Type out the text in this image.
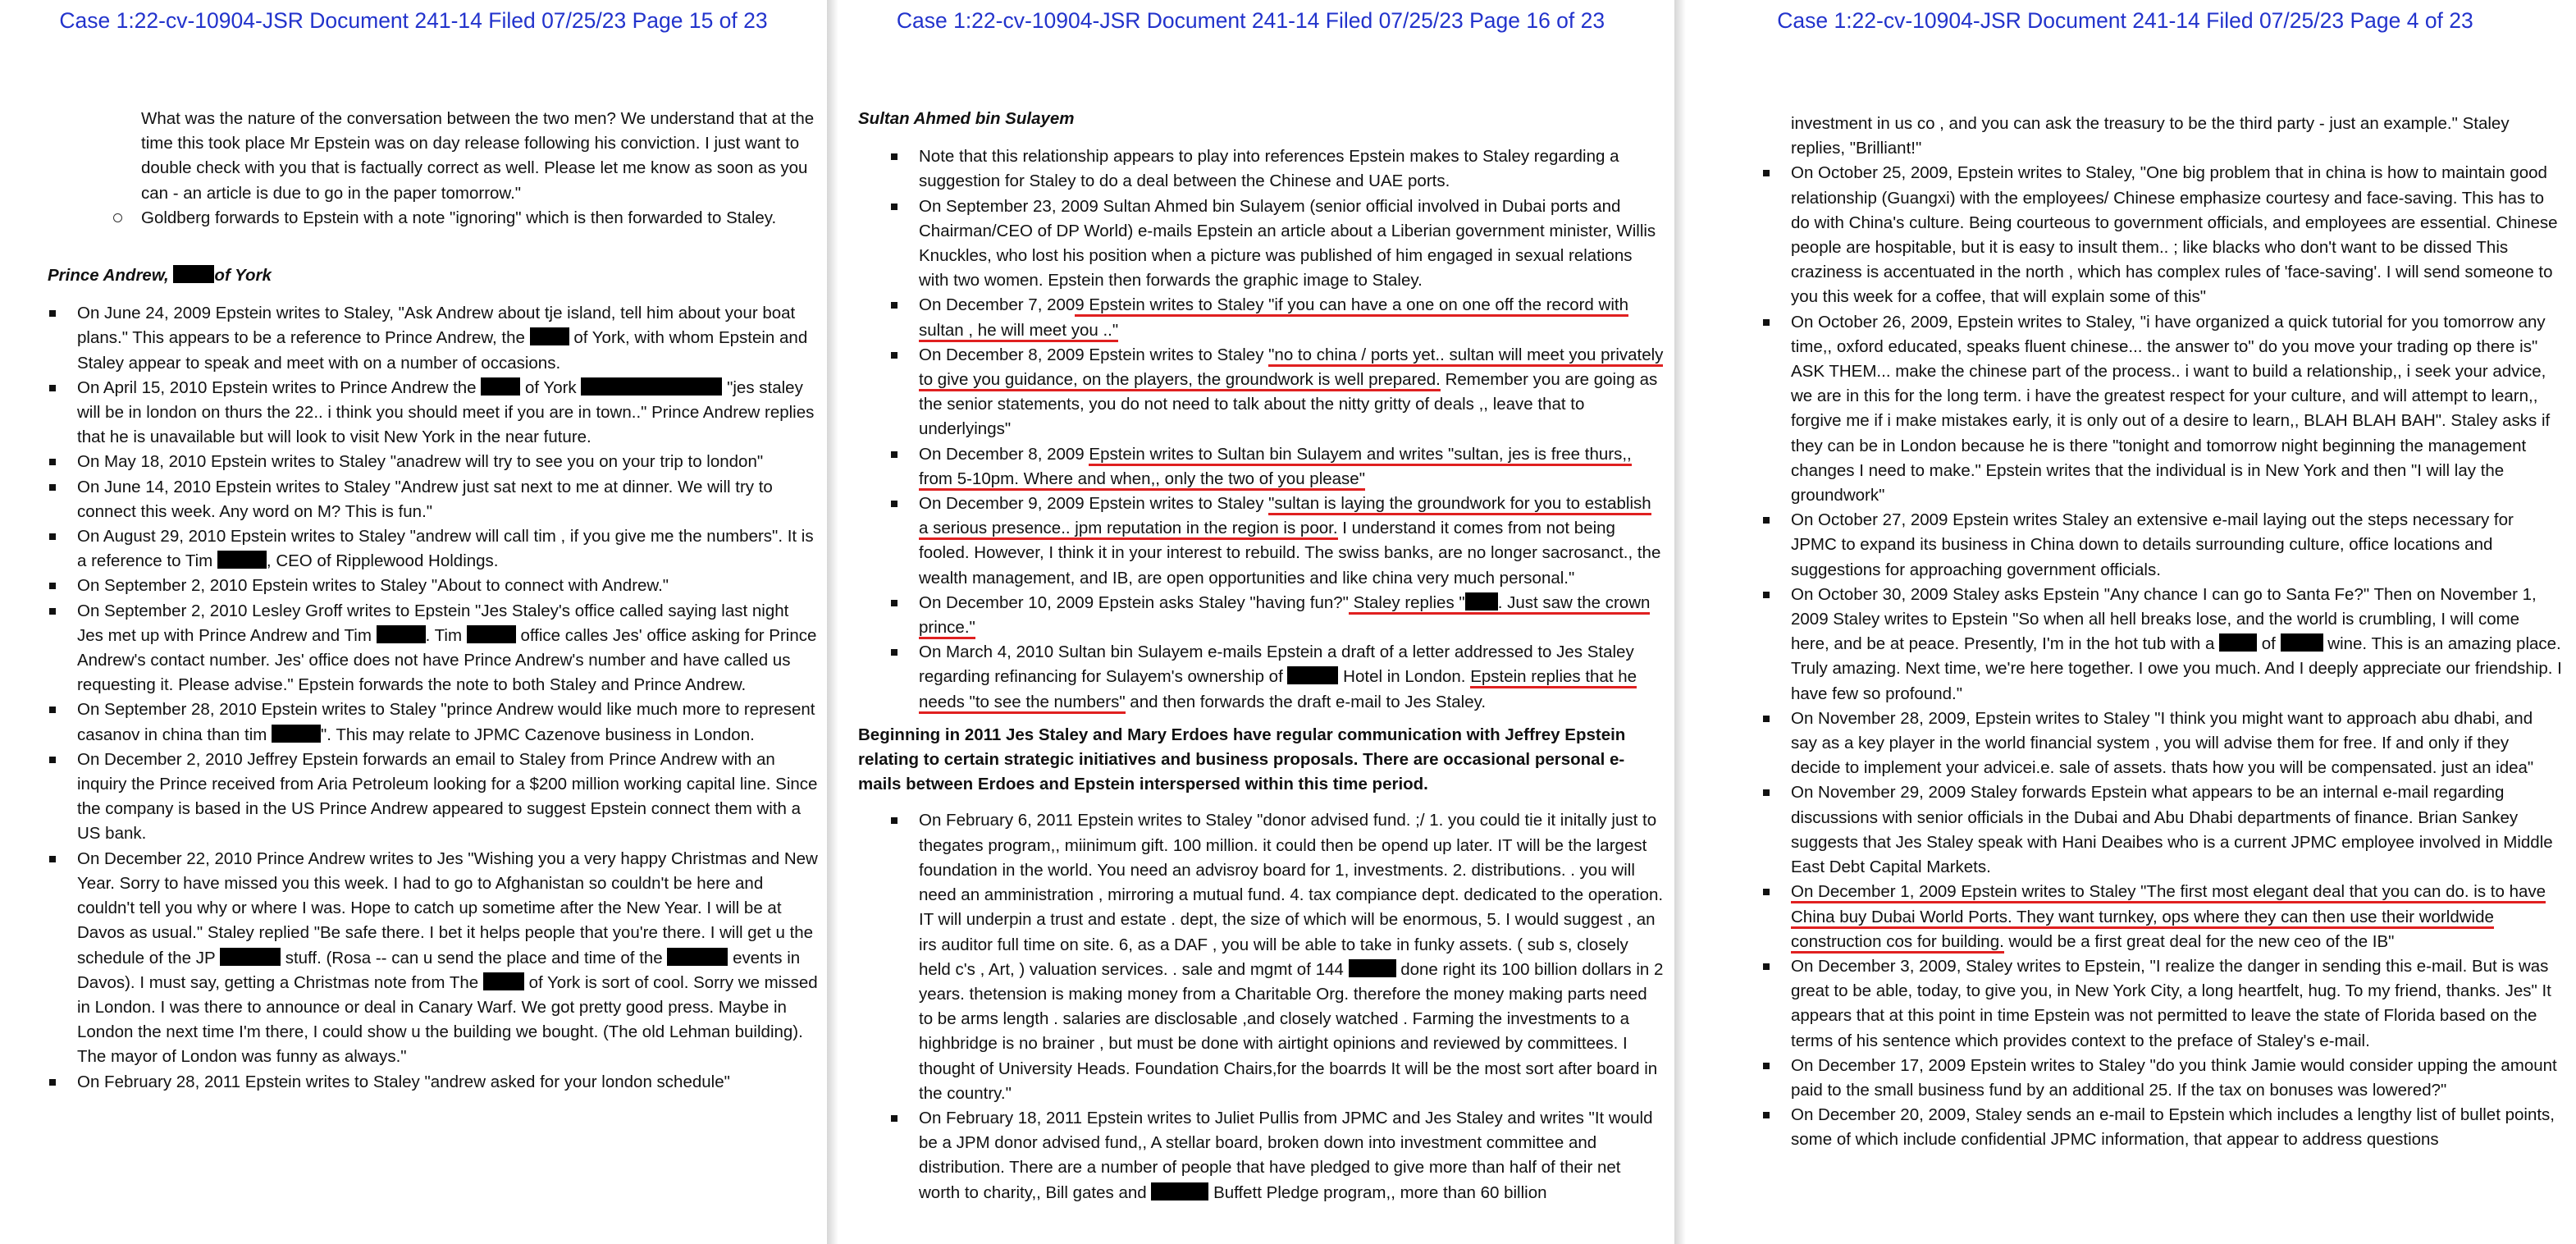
Case 1:22-cv-10904-JSR Document 241-14 Filed 07/25/23 Page 15 of 23
What was the nature of the conversation between the two men? We understand that at the time this took place Mr Epstein was on day release following his conviction. I just want to double check with you that is factually correct as well. Please let me know as soon as you can - an article is due to go in the paper tomorrow."
Goldberg forwards to Epstein with a note "ignoring" which is then forwarded to Staley.
Prince Andrew,	of York
On June 24, 2009 Epstein writes to Staley, "Ask Andrew about tje island, tell him about your boat plans." This appears to be a reference to Prince Andrew, the	of York, with whom Epstein and Staley appear to speak and meet with on a number of occasions.
On April 15, 2010 Epstein writes to Prince Andrew the	of York	"jes staley will be in london on thurs the 22.. i think you should meet if you are in town.." Prince Andrew replies that he is unavailable but will look to visit New York in the near future.
On May 18, 2010 Epstein writes to Staley "anadrew will try to see you on your trip to london"
On June 14, 2010 Epstein writes to Staley "Andrew just sat next to me at dinner. We will try to connect this week. Any word on M? This is fun."
On August 29, 2010 Epstein writes to Staley "andrew will call tim , if you give me the numbers". It is a reference to Tim	, CEO of Ripplewood Holdings.
On September 2, 2010 Epstein writes to Staley "About to connect with Andrew."
On September 2, 2010 Lesley Groff writes to Epstein "Jes Staley's office called saying last night Jes met up with Prince Andrew and Tim	. Tim	office calles Jes' office asking for Prince Andrew's contact number. Jes' office does not have Prince Andrew's number and have called us requesting it. Please advise." Epstein forwards the note to both Staley and Prince Andrew.
On September 28, 2010 Epstein writes to Staley "prince Andrew would like much more to represent casanov in china than tim	". This may relate to JPMC Cazenove business in London.
On December 2, 2010 Jeffrey Epstein forwards an email to Staley from Prince Andrew with an inquiry the Prince received from Aria Petroleum looking for a $200 million working capital line. Since the company is based in the US Prince Andrew appeared to suggest Epstein connect them with a US bank.
On December 22, 2010 Prince Andrew writes to Jes "Wishing you a very happy Christmas and New Year. Sorry to have missed you this week. I had to go to Afghanistan so couldn't be here and couldn't tell you why or where I was. Hope to catch up sometime after the New Year. I will be at Davos as usual." Staley replied "Be safe there. I bet it helps people that you're there. I will get u the schedule of the JP	stuff. (Rosa -- can u send the place and time of the	events in Davos). I must say, getting a Christmas note from The	of York is sort of cool. Sorry we missed in London. I was there to announce or deal in Canary Warf. We got pretty good press. Maybe in London the next time I'm there, I could show u the building we bought. (The old Lehman building). The mayor of London was funny as always."
On February 28, 2011 Epstein writes to Staley "andrew asked for your london schedule"
Case 1:22-cv-10904-JSR Document 241-14 Filed 07/25/23 Page 16 of 23
Sultan Ahmed bin Sulayem
Note that this relationship appears to play into references Epstein makes to Staley regarding a suggestion for Staley to do a deal between the Chinese and UAE ports.
On September 23, 2009 Sultan Ahmed bin Sulayem (senior official involved in Dubai ports and Chairman/CEO of DP World) e-mails Epstein an article about a Liberian government minister, Willis Knuckles, who lost his position when a picture was published of him engaged in sexual relations with two women. Epstein then forwards the graphic image to Staley.
On December 7, 2009 Epstein writes to Staley "if you can have a one on one off the record with sultan , he will meet you .."
On December 8, 2009 Epstein writes to Staley "no to china / ports yet.. sultan will meet you privately to give you guidance, on the players, the groundwork is well prepared. Remember you are going as the senior statements, you do not need to talk about the nitty gritty of deals ,, leave that to underlyings"
On December 8, 2009 Epstein writes to Sultan bin Sulayem and writes "sultan, jes is free thurs,, from 5-10pm. Where and when,, only the two of you please"
On December 9, 2009 Epstein writes to Staley "sultan is laying the groundwork for you to establish a serious presence.. jpm reputation in the region is poor. I understand it comes from not being fooled. However, I think it in your interest to rebuild. The swiss banks, are no longer sacrosanct., the wealth management, and IB, are open opportunities and like china very much personal."
On December 10, 2009 Epstein asks Staley "having fun?" Staley replies " . Just saw the crown prince."
On March 4, 2010 Sultan bin Sulayem e-mails Epstein a draft of a letter addressed to Jes Staley regarding refinancing for Sulayem's ownership of	Hotel in London. Epstein replies that he needs "to see the numbers" and then forwards the draft e-mail to Jes Staley.
Beginning in 2011 Jes Staley and Mary Erdoes have regular communication with Jeffrey Epstein relating to certain strategic initiatives and business proposals. There are occasional personal e-mails between Erdoes and Epstein interspersed within this time period.
On February 6, 2011 Epstein writes to Staley "donor advised fund. ;/ 1. you could tie it initally just to thegates program,, miinimum gift. 100 million. it could then be opend up later. IT will be the largest foundation in the world. You need an advisroy board for 1, investments. 2. distributions. . you will need an amministration , mirroring a mutual fund. 4. tax compiance dept. dedicated to the operation. IT will underpin a trust and estate . dept, the size of which will be enormous, 5. I would suggest , an irs auditor full time on site. 6, as a DAF , you will be able to take in funky assets. ( sub s, closely held c's , Art, ) valuation services. . sale and mgmt of 144	done right its 100 billion dollars in 2 years. thetension is making money from a Charitable Org. therefore the money making parts need to be arms length . salaries are disclosable ,and closely watched . Farming the investments to a highbridge is no brainer , but must be done with airtight opinions and reviewed by committees. I thought of University Heads. Foundation Chairs,for the boarrds It will be the most sort after board in the country."
On February 18, 2011 Epstein writes to Juliet Pullis from JPMC and Jes Staley and writes "It would be a JPM donor advised fund,, A stellar board, broken down into investment committee and distribution. There are a number of people that have pledged to give more than half of their net worth to charity,, Bill gates and	Buffett Pledge program,, more than 60 billion
Case 1:22-cv-10904-JSR Document 241-14 Filed 07/25/23 Page 4 of 23
investment in us co , and you can ask the treasury to be the third party - just an example." Staley replies, "Brilliant!"
On October 25, 2009, Epstein writes to Staley, "One big problem that in china is how to maintain good relationship (Guangxi) with the employees/ Chinese emphasize courtesy and face-saving. This has to do with China's culture. Being courteous to government officials, and employees are essential. Chinese people are hospitable, but it is easy to insult them.. ; like blacks who don't want to be dissed This craziness is accentuated in the north , which has complex rules of 'face-saving'. I will send someone to you this week for a coffee, that will explain some of this"
On October 26, 2009, Epstein writes to Staley, "i have organized a quick tutorial for you tomorrow any time,, oxford educated, speaks fluent chinese... the answer to" do you move your trading op there is" ASK THEM... make the chinese part of the process.. i want to build a relationship,, i seek your advice, we are in this for the long term. i have the greatest respect for your culture, and will attempt to learn,, forgive me if i make mistakes early, it is only out of a desire to learn,, BLAH BLAH BAH". Staley asks if they can be in London because he is there "tonight and tomorrow night beginning the management changes I need to make." Epstein writes that the individual is in New York and then "I will lay the groundwork"
On October 27, 2009 Epstein writes Staley an extensive e-mail laying out the steps necessary for JPMC to expand its business in China down to details surrounding culture, office locations and suggestions for approaching government officials.
On October 30, 2009 Staley asks Epstein "Any chance I can go to Santa Fe?" Then on November 1, 2009 Staley writes to Epstein "So when all hell breaks lose, and the world is crumbling, I will come here, and be at peace. Presently, I'm in the hot tub with a	of	wine. This is an amazing place. Truly amazing. Next time, we're here together. I owe you much. And I deeply appreciate our friendship. I have few so profound."
On November 28, 2009, Epstein writes to Staley "I think you might want to approach abu dhabi, and say as a key player in the world financial system , you will advise them for free. If and only if they decide to implement your advicei.e. sale of assets. thats how you will be compensated. just an idea"
On November 29, 2009 Staley forwards Epstein what appears to be an internal e-mail regarding discussions with senior officials in the Dubai and Abu Dhabi departments of finance. Brian Sankey suggests that Jes Staley speak with Hani Deaibes who is a current JPMC employee involved in Middle East Debt Capital Markets.
On December 1, 2009 Epstein writes to Staley "The first most elegant deal that you can do. is to have China buy Dubai World Ports. They want turnkey, ops where they can then use their worldwide construction cos for building. would be a first great deal for the new ceo of the IB"
On December 3, 2009, Staley writes to Epstein, "I realize the danger in sending this e-mail. But is was great to be able, today, to give you, in New York City, a long heartfelt, hug. To my friend, thanks. Jes" It appears that at this point in time Epstein was not permitted to leave the state of Florida based on the terms of his sentence which provides context to the preface of Staley's e-mail.
On December 17, 2009 Epstein writes to Staley "do you think Jamie would consider upping the amount paid to the small business fund by an additional 25. If the tax on bonuses was lowered?"
On December 20, 2009, Staley sends an e-mail to Epstein which includes a lengthy list of bullet points, some of which include confidential JPMC information, that appear to address questions
